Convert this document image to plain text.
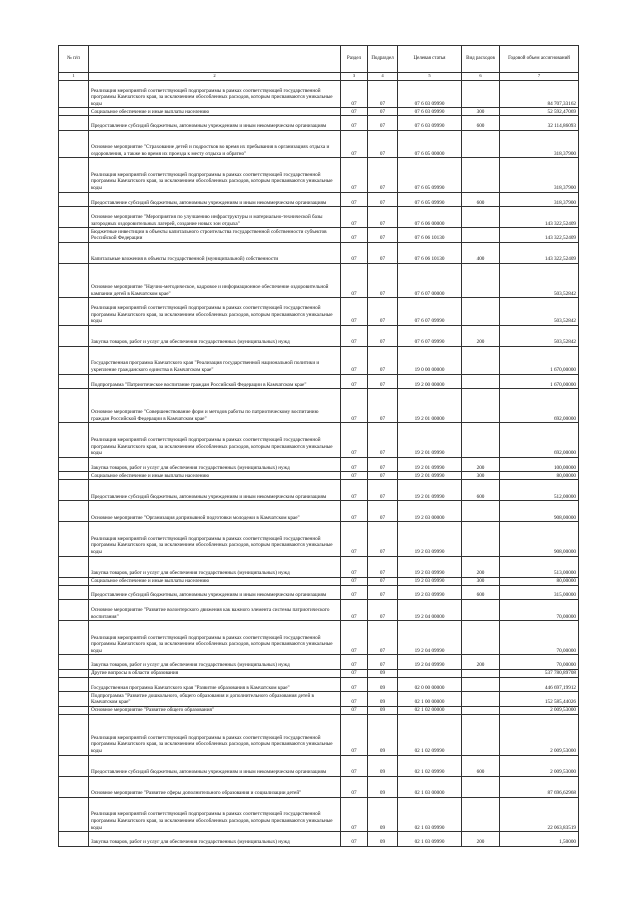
№ п/п		Раздел	Подраздел	Целевая статья	Вид расходов	Годовой объем ассигнований
1	2	3	4	5	6	7
	Реализация мероприятий соответствующей подпрограммы в рамках соответствующей государственной программы Камчатского края, за исключением обособленных расходов, которым присваиваются уникальные коды	07	07	07 6 03 09990		84 707,33162
	Социальное обеспечение и иные выплаты населению	07	07	07 6 03 09990	300	52 592,47069
	Предоставление субсидий бюджетным, автономным учреждениям и иным некоммерческим организациям	07	07	07 6 03 09990	600	32 114,86093
	Основное мероприятие "Страхование детей и подростков во время их пребывания в организациях отдыха и оздоровления, а также во время их проезда к месту отдыха и обратно"	07	07	07 6 05 00000		318,37900
	Реализация мероприятий соответствующей подпрограммы в рамках соответствующей государственной программы Камчатского края, за исключением обособленных расходов, которым присваиваются уникальные коды	07	07	07 6 05 09990		318,37900
	Предоставление субсидий бюджетным, автономным учреждениям и иным некоммерческим организациям	07	07	07 6 05 09990	600	318,37900
	Основное мероприятие "Мероприятия по улучшению инфраструктуры и материально-технической базы загородных оздоровительных лагерей, создание новых зон отдыха"	07	07	07 6 06 00000		143 322,52409
	Бюджетные инвестиции в объекты капитального строительства государственной собственности субъектов Российской Федерации	07	07	07 6 06 10130		143 322,52409
	Капитальные вложения в объекты государственной (муниципальной) собственности	07	07	07 6 06 10130	400	143 322,52409
	Основное мероприятие "Научно-методическое, кадровое и информационное обеспечение оздоровительной кампании детей в Камчатском крае"	07	07	07 6 07 00000		503,52842
	Реализация мероприятий соответствующей подпрограммы в рамках соответствующей государственной программы Камчатского края, за исключением обособленных расходов, которым присваиваются уникальные коды	07	07	07 6 07 09990		503,52842
	Закупка товаров, работ и услуг для обеспечения государственных (муниципальных) нужд	07	07	07 6 07 09990	200	503,52842
	Государственная программа Камчатского края "Реализация государственной национальной политики и укрепление гражданского единства в Камчатском крае"	07	07	19 0 00 00000		1 670,00000
	Подпрограмма "Патриотическое воспитание граждан Российской Федерации в Камчатском крае"	07	07	19 2 00 00000		1 670,00000
	Основное мероприятие "Совершенствование форм и методов работы по патриотическому воспитанию граждан Российской Федерации в Камчатском крае"	07	07	19 2 01 00000		692,00000
	Реализация мероприятий соответствующей подпрограммы в рамках соответствующей государственной программы Камчатского края, за исключением обособленных расходов, которым присваиваются уникальные коды	07	07	19 2 01 09990		692,00000
	Закупка товаров, работ и услуг для обеспечения государственных (муниципальных) нужд	07	07	19 2 01 09990	200	100,00000
	Социальное обеспечение и иные выплаты населению	07	07	19 2 01 09990	300	80,00000
	Предоставление субсидий бюджетным, автономным учреждениям и иным некоммерческим организациям	07	07	19 2 01 09990	600	512,00000
	Основное мероприятие "Организация допризывной подготовки молодежи в Камчатском крае"	07	07	19 2 03 00000		908,00000
	Реализация мероприятий соответствующей подпрограммы в рамках соответствующей государственной программы Камчатского края, за исключением обособленных расходов, которым присваиваются уникальные коды	07	07	19 2 03 09990		908,00000
	Закупка товаров, работ и услуг для обеспечения государственных (муниципальных) нужд	07	07	19 2 03 09990	200	513,00000
	Социальное обеспечение и иные выплаты населению	07	07	19 2 03 09990	300	80,00000
	Предоставление субсидий бюджетным, автономным учреждениям и иным некоммерческим организациям	07	07	19 2 03 09990	600	315,00000
	Основное мероприятие "Развитие волонтерского движения как важного элемента системы патриотического воспитания"	07	07	19 2 04 00000		70,00000
	Реализация мероприятий соответствующей подпрограммы в рамках соответствующей государственной программы Камчатского края, за исключением обособленных расходов, которым присваиваются уникальные коды	07	07	19 2 04 09990		70,00000
	Закупка товаров, работ и услуг для обеспечения государственных (муниципальных) нужд	07	07	19 2 04 09990	200	70,00000
	Другие вопросы в области образования	07	09			537 780,89708
	Государственная программа Камчатского края "Развитие образования в Камчатском крае"	07	09	02 0 00 00000		446 697,19912
	Подпрограмма "Развитие дошкольного, общего образования и дополнительного образования детей в Камчатском крае"	07	09	02 1 00 00000		152 585,44026
	Основное мероприятие "Развитие общего образования"	07	09	02 1 02 00000		2 009,53000
	Реализация мероприятий соответствующей подпрограммы в рамках соответствующей государственной программы Камчатского края, за исключением обособленных расходов, которым присваиваются уникальные коды	07	09	02 1 02 09990		2 009,53000
	Предоставление субсидий бюджетным, автономным учреждениям и иным некоммерческим организациям	07	09	02 1 02 09990	600	2 009,53000
	Основное мероприятие "Развитие сферы дополнительного образования и социализации детей"	07	09	02 1 03 00000		87 696,62968
	Реализация мероприятий соответствующей подпрограммы в рамках соответствующей государственной программы Камчатского края, за исключением обособленных расходов, которым присваиваются уникальные коды	07	09	02 1 03 09990		22 063,83519
	Закупка товаров, работ и услуг для обеспечения государственных (муниципальных) нужд	07	09	02 1 03 09990	200	1,50000
